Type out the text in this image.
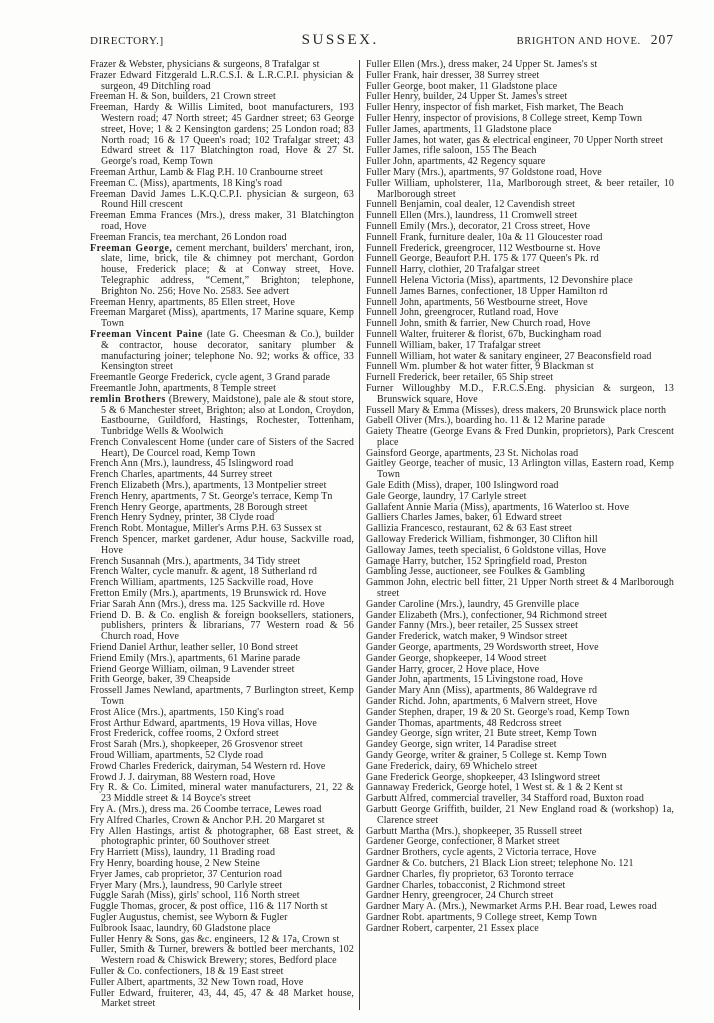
DIRECTORY.]	SUSSEX.	BRIGHTON AND HOVE. 207
Frazer & Webster, physicians & surgeons, 8 Trafalgar st
Frazer Edward Fitzgerald L.R.C.S.I. & L.R.C.P.I. physician & surgeon, 49 Ditchling road
Freeman H. & Son, builders, 21 Crown street
Freeman, Hardy & Willis Limited, boot manufacturers, 193 Western road; 47 North street; 45 Gardner street; 63 George street, Hove; 1 & 2 Kensington gardens; 25 London road; 83 North road; 16 & 17 Queen's road; 102 Trafalgar street; 43 Edward street & 117 Blatchington road, Hove & 27 St. George's road, Kemp Town
Freeman Arthur, Lamb & Flag P.H. 10 Cranbourne street
Freeman C. (Miss), apartments, 18 King's road
Freeman David James L.K.Q.C.P.I. physician & surgeon, 63 Round Hill crescent
Freeman Emma Frances (Mrs.), dress maker, 31 Blatchington road, Hove
Freeman Francis, tea merchant, 26 London road
Freeman George, cement merchant, builders' merchant, iron, slate, lime, brick, tile & chimney pot merchant, Gordon house, Frederick place; & at Conway street, Hove. Telegraphic address, “Cement,” Brighton; telephone, Brighton No. 256; Hove No. 2583. See advert
Freeman Henry, apartments, 85 Ellen street, Hove
Freeman Margaret (Miss), apartments, 17 Marine square, Kemp Town
Freeman Vincent Paine (late G. Cheesman & Co.), builder & contractor, house decorator, sanitary plumber & manufacturing joiner; telephone No. 92; works & office, 33 Kensington street
Freemantle George Frederick, cycle agent, 3 Grand parade
Freemantle John, apartments, 8 Temple street
remlin Brothers (Brewery, Maidstone), pale ale & stout store, 5 & 6 Manchester street, Brighton; also at London, Croydon, Eastbourne, Guildford, Hastings, Rochester, Tottenham, Tunbridge Wells & Woolwich
French Convalescent Home (under care of Sisters of the Sacred Heart), De Courcel road, Kemp Town
French Ann (Mrs.), laundress, 45 Islingword road
French Charles, apartments, 44 Surrey street
French Elizabeth (Mrs.), apartments, 13 Montpelier street
French Henry, apartments, 7 St. George's terrace, Kemp Tn
French Henry George, apartments, 28 Borough street
French Henry Sydney, printer, 38 Clyde road
French Robt. Montague, Miller's Arms P.H. 63 Sussex st
French Spencer, market gardener, Adur house, Sackville road, Hove
French Susannah (Mrs.), apartments, 34 Tidy street
French Walter, cycle manufr. & agent, 18 Sutherland rd
French William, apartments, 125 Sackville road, Hove
Fretton Emily (Mrs.), apartments, 19 Brunswick rd. Hove
Friar Sarah Ann (Mrs.), dress ma. 125 Sackville rd. Hove
Friend D. B. & Co. english & foreign booksellers, stationers, publishers, printers & librarians, 77 Western road & 56 Church road, Hove
Friend Daniel Arthur, leather seller, 10 Bond street
Friend Emily (Mrs.), apartments, 61 Marine parade
Friend George William, oilman, 9 Lavender street
Frith George, baker, 39 Cheapside
Frossell James Newland, apartments, 7 Burlington street, Kemp Town
Frost Alice (Mrs.), apartments, 150 King's road
Frost Arthur Edward, apartments, 19 Hova villas, Hove
Frost Frederick, coffee rooms, 2 Oxford street
Frost Sarah (Mrs.), shopkeeper, 26 Grosvenor street
Froud William, apartments, 52 Clyde road
Frowd Charles Frederick, dairyman, 54 Western rd. Hove
Frowd J. J. dairyman, 88 Western road, Hove
Fry R. & Co. Limited, mineral water manufacturers, 21, 22 & 23 Middle street & 14 Boyce's street
Fry A. (Mrs.), dress ma. 26 Coombe terrace, Lewes road
Fry Alfred Charles, Crown & Anchor P.H. 20 Margaret st
Fry Allen Hastings, artist & photographer, 68 East street, & photographic printer, 60 Southover street
Fry Harriett (Miss), laundry, 11 Brading road
Fry Henry, boarding house, 2 New Steine
Fryer James, cab proprietor, 37 Centurion road
Fryer Mary (Mrs.), laundress, 90 Carlyle street
Fuggle Sarah (Miss), girls' school, 116 North street
Fuggle Thomas, grocer, & post office, 116 & 117 North st
Fugler Augustus, chemist, see Wyborn & Fugler
Fulbrook Isaac, laundry, 60 Gladstone place
Fuller Henry & Sons, gas &c. engineers, 12 & 17a, Crown st
Fuller, Smith & Turner, brewers & bottled beer merchants, 102 Western road & Chiswick Brewery; stores, Bedford place
Fuller & Co. confectioners, 18 & 19 East street
Fuller Albert, apartments, 32 New Town road, Hove
Fuller Edward, fruiterer, 43, 44, 45, 47 & 48 Market house, Market street
Fuller Ellen (Mrs.), dress maker, 24 Upper St. James's st
Fuller Frank, hair dresser, 38 Surrey street
Fuller George, boot maker, 11 Gladstone place
Fuller Henry, builder, 24 Upper St. James's street
Fuller Henry, inspector of fish market, Fish market, The Beach
Fuller Henry, inspector of provisions, 8 College street, Kemp Town
Fuller James, apartments, 11 Gladstone place
Fuller James, hot water, gas & electrical engineer, 70 Upper North street
Fuller James, rifle saloon, 155 The Beach
Fuller John, apartments, 42 Regency square
Fuller Mary (Mrs.), apartments, 97 Goldstone road, Hove
Fuller William, upholsterer, 11a, Marlborough street, & beer retailer, 10 Marlborough street
Funnell Benjamin, coal dealer, 12 Cavendish street
Funnell Ellen (Mrs.), laundress, 11 Cromwell street
Funnell Emily (Mrs.), decorator, 21 Cross street, Hove
Funnell Frank, furniture dealer, 10a & 11 Gloucester road
Funnell Frederick, greengrocer, 112 Westbourne st. Hove
Funnell George, Beaufort P.H. 175 & 177 Queen's Pk. rd
Funnell Harry, clothier, 20 Trafalgar street
Funnell Helena Victoria (Miss), apartments, 12 Devonshire place
Funnell James Barnes, confectioner, 18 Upper Hamilton rd
Funnell John, apartments, 56 Westbourne street, Hove
Funnell John, greengrocer, Rutland road, Hove
Funnell John, smith & farrier, New Church road, Hove
Funnell Walter, fruiterer & florist, 67b, Buckingham road
Funnell William, baker, 17 Trafalgar street
Funnell William, hot water & sanitary engineer, 27 Beaconsfield road
Funnell Wm. plumber & hot water fitter, 9 Blackman st
Furnell Frederick, beer retailer, 65 Ship street
Furner Willoughby M.D., F.R.C.S.Eng. physician & surgeon, 13 Brunswick square, Hove
Fussell Mary & Emma (Misses), dress makers, 20 Brunswick place north
Gabell Oliver (Mrs.), boarding ho. 11 & 12 Marine parade
Gaiety Theatre (George Evans & Fred Dunkin, proprietors), Park Crescent place
Gainsford George, apartments, 23 St. Nicholas road
Gaitley George, teacher of music, 13 Arlington villas, Eastern road, Kemp Town
Gale Edith (Miss), draper, 100 Islingword road
Gale George, laundry, 17 Carlyle street
Gallafent Annie Maria (Miss), apartments, 16 Waterloo st. Hove
Galliers Charles James, baker, 61 Edward street
Gallizia Francesco, restaurant, 62 & 63 East street
Galloway Frederick William, fishmonger, 30 Clifton hill
Galloway James, teeth specialist, 6 Goldstone villas, Hove
Gamage Harry, butcher, 152 Springfield road, Preston
Gambling Jesse, auctioneer, see Foulkes & Gambling
Gammon John, electric bell fitter, 21 Upper North street & 4 Marlborough street
Gander Caroline (Mrs.), laundry, 45 Grenville place
Gander Elizabeth (Mrs.), confectioner, 94 Richmond street
Gander Fanny (Mrs.), beer retailer, 25 Sussex street
Gander Frederick, watch maker, 9 Windsor street
Gander George, apartments, 29 Wordsworth street, Hove
Gander George, shopkeeper, 14 Wood street
Gander Harry, grocer, 2 Hove place, Hove
Gander John, apartments, 15 Livingstone road, Hove
Gander Mary Ann (Miss), apartments, 86 Waldegrave rd
Gander Richd. John, apartments, 6 Malvern street, Hove
Gander Stephen, draper, 19 & 20 St. George's road, Kemp Town
Gander Thomas, apartments, 48 Redcross street
Gandey George, sign writer, 21 Bute street, Kemp Town
Gandey George, sign writer, 14 Paradise street
Gandy George, writer & grainer, 5 College st. Kemp Town
Gane Frederick, dairy, 69 Whichelo street
Gane Frederick George, shopkeeper, 43 Islingword street
Gannaway Frederick, George hotel, 1 West st. & 1 & 2 Kent st
Garbutt Alfred, commercial traveller, 34 Stafford road, Buxton road
Garbutt George Griffith, builder, 21 New England road & (workshop) 1a, Clarence street
Garbutt Martha (Mrs.), shopkeeper, 35 Russell street
Gardener George, confectioner, 8 Market street
Gardner Brothers, cycle agents, 2 Victoria terrace, Hove
Gardner & Co. butchers, 21 Black Lion street; telephone No. 121
Gardner Charles, fly proprietor, 63 Toronto terrace
Gardner Charles, tobacconist, 2 Richmond street
Gardner Henry, greengrocer, 24 Church street
Gardner Mary A. (Mrs.), Newmarket Arms P.H. Bear road, Lewes road
Gardner Robt. apartments, 9 College street, Kemp Town
Gardner Robert, carpenter, 21 Essex place
